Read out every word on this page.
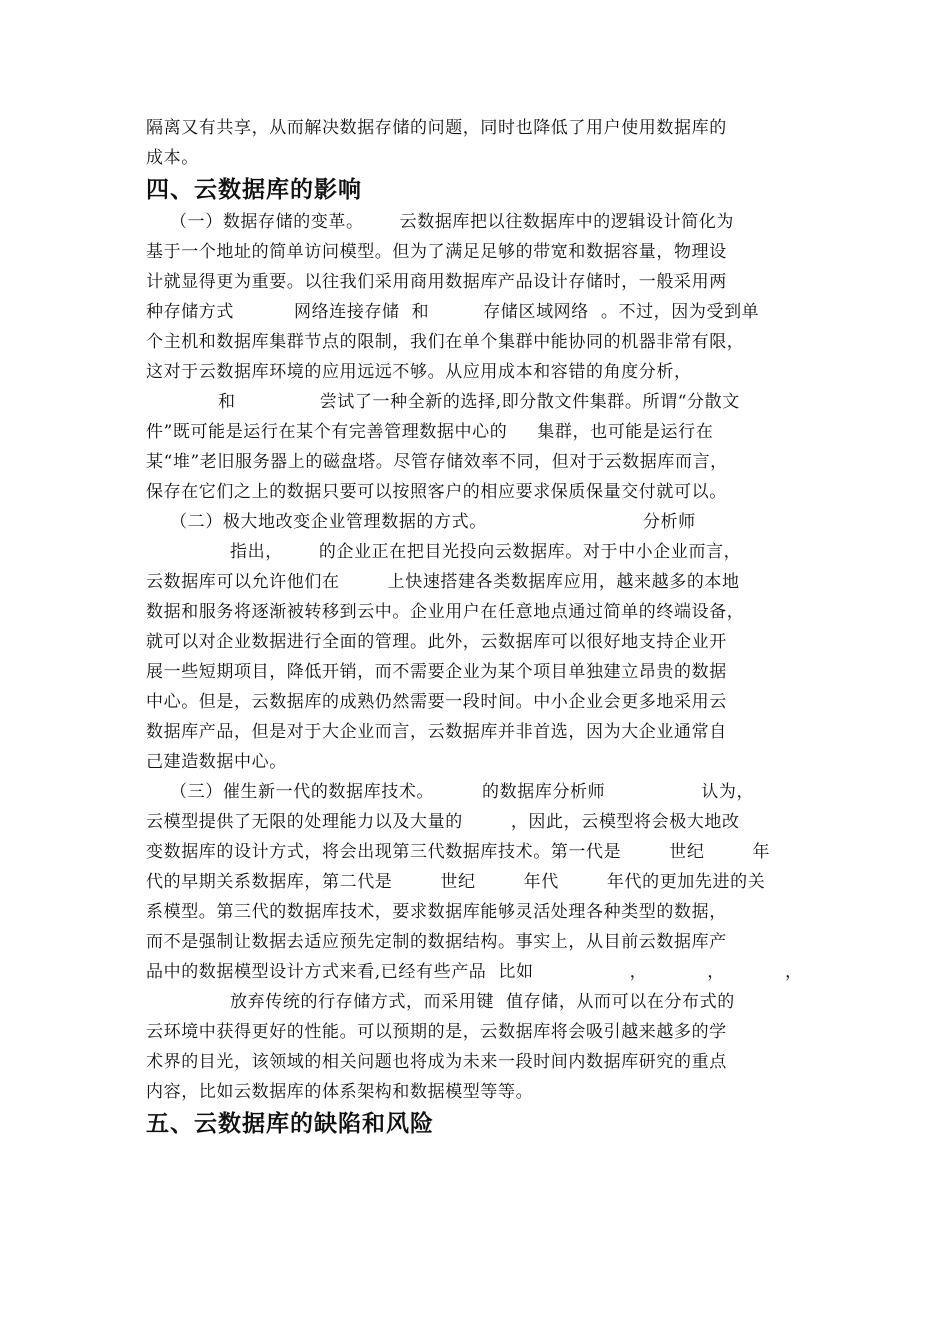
隔离又有共享，从而解决数据存储的问题，同时也降低了用户使用数据库的
成本。
四、云数据库的影响
（一）数据存储的变革。      云数据库把以往数据库中的逻辑设计简化为
基于一个地址的简单访问模型。但为了满足足够的带宽和数据容量，物理设
计就显得更为重要。以往我们采用商用数据库产品设计存储时，一般采用两
种存储方式          网络连接存储  和         存储区域网络  。不过，因为受到单
个主机和数据库集群节点的限制，我们在单个集群中能协同的机器非常有限，
这对于云数据库环境的应用远远不够。从应用成本和容错的角度分析，
和              尝试了一种全新的选择,即分散文件集群。所谓“分散文
件”既可能是运行在某个有完善管理数据中心的     集群，也可能是运行在
某“堆”老旧服务器上的磁盘塔。尽管存储效率不同，但对于云数据库而言，
保存在它们之上的数据只要可以按照客户的相应要求保质保量交付就可以。
（二）极大地改变企业管理数据的方式。                          分析师
指出，      的企业正在把目光投向云数据库。对于中小企业而言，
云数据库可以允许他们在        上快速搭建各类数据库应用，越来越多的本地
数据和服务将逐渐被转移到云中。企业用户在任意地点通过简单的终端设备，
就可以对企业数据进行全面的管理。此外，云数据库可以很好地支持企业开
展一些短期项目，降低开销，而不需要企业为某个项目单独建立昂贵的数据
中心。但是，云数据库的成熟仍然需要一段时间。中小企业会更多地采用云
数据库产品，但是对于大企业而言，云数据库并非首选，因为大企业通常自
己建造数据中心。
（三）催生新一代的数据库技术。        的数据库分析师                认为，
云模型提供了无限的处理能力以及大量的        ，因此，云模型将会极大地改
变数据库的设计方式，将会出现第三代数据库技术。第一代是        世纪        年
代的早期关系数据库，第二代是        世纪        年代        年代的更加先进的关
系模型。第三代的数据库技术，要求数据库能够灵活处理各种类型的数据，
而不是强制让数据去适应预先定制的数据结构。事实上，从目前云数据库产
品中的数据模型设计方式来看,已经有些产品  比如                ，          ，          ，
放弃传统的行存储方式，而采用键  值存储，从而可以在分布式的
云环境中获得更好的性能。可以预期的是，云数据库将会吸引越来越多的学
术界的目光，该领域的相关问题也将成为未来一段时间内数据库研究的重点
内容，比如云数据库的体系架构和数据模型等等。
五、云数据库的缺陷和风险
